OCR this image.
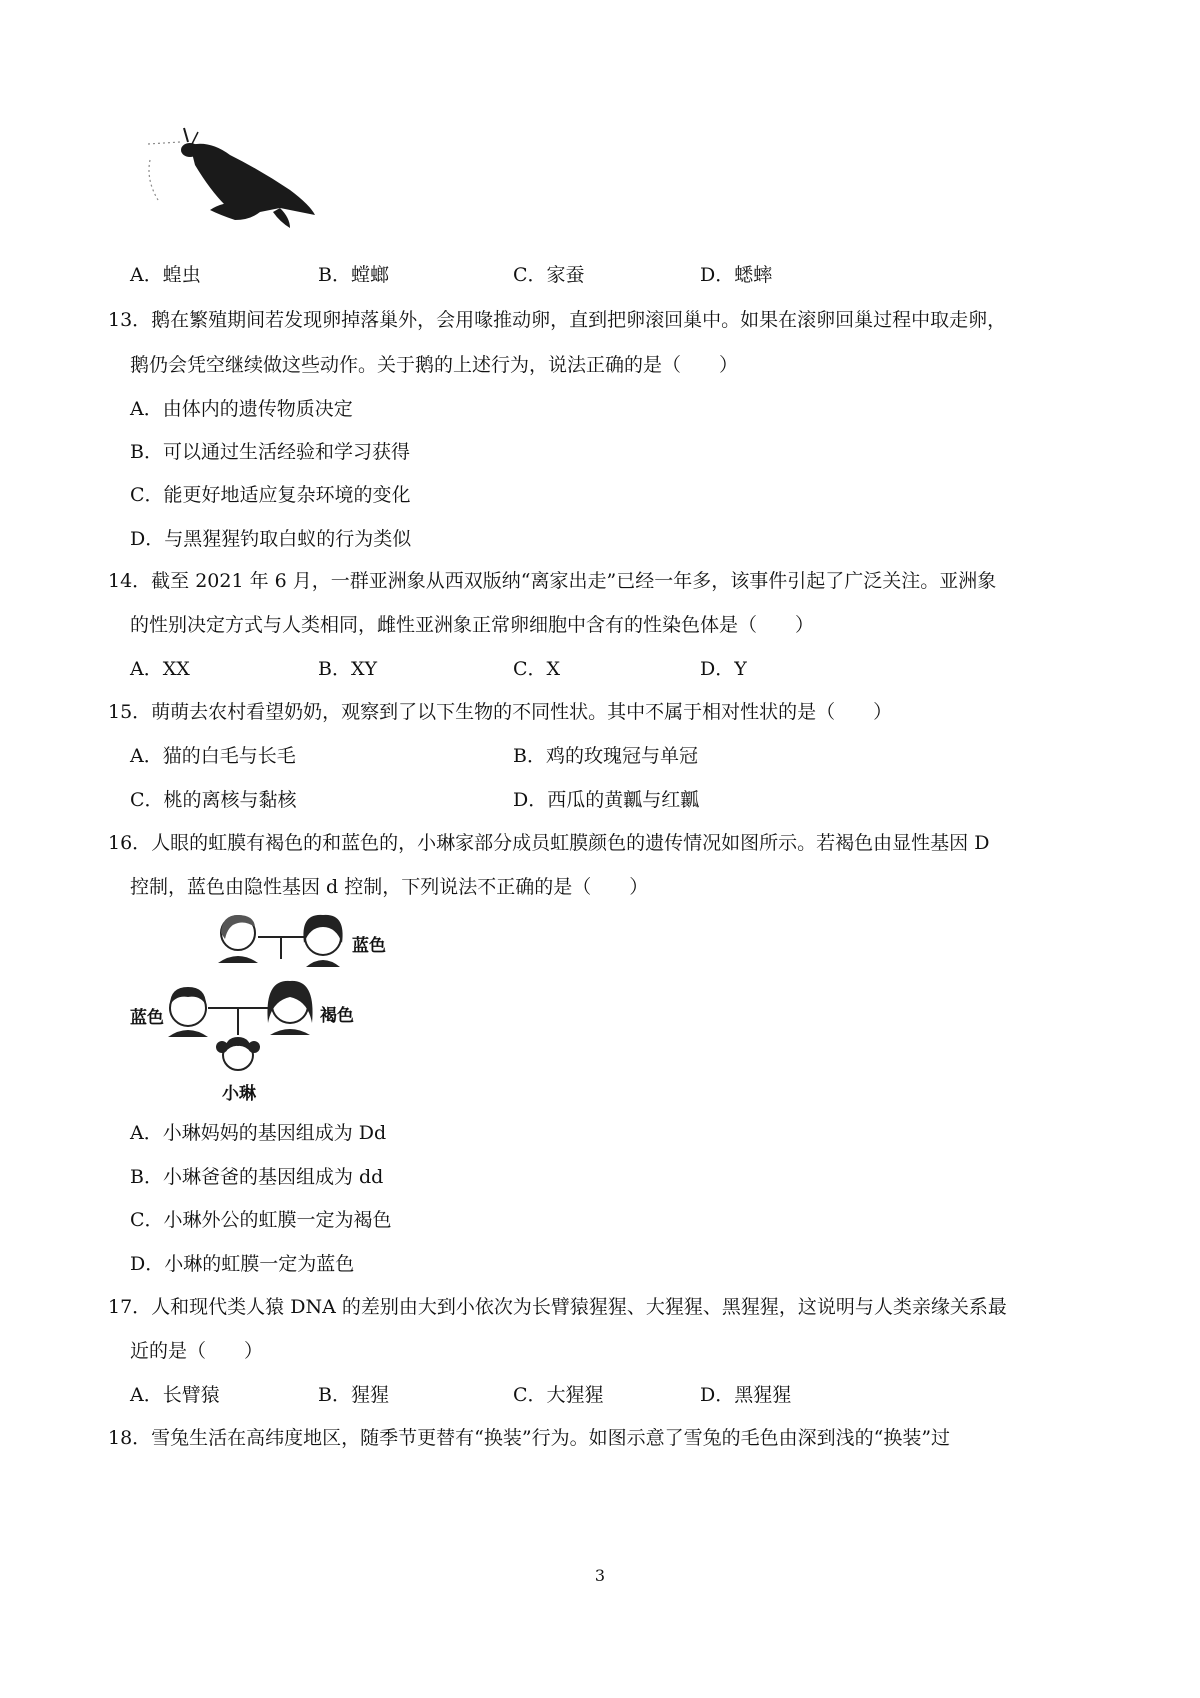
A．蝗虫	B．螳螂	C．家蚕	D．蟋蟀
13．鹅在繁殖期间若发现卵掉落巢外，会用喙推动卵，直到把卵滚回巢中。如果在滚卵回巢过程中取走卵，
鹅仍会凭空继续做这些动作。关于鹅的上述行为，说法正确的是（　　）
A．由体内的遗传物质决定
B．可以通过生活经验和学习获得
C．能更好地适应复杂环境的变化
D．与黑猩猩钓取白蚁的行为类似
14．截至 2021 年 6 月，一群亚洲象从西双版纳“离家出走”已经一年多，该事件引起了广泛关注。亚洲象
的性别决定方式与人类相同，雌性亚洲象正常卵细胞中含有的性染色体是（　　）
A．XX	B．XY	C．X	D．Y
15．萌萌去农村看望奶奶，观察到了以下生物的不同性状。其中不属于相对性状的是（　　）
A．猫的白毛与长毛	B．鸡的玫瑰冠与单冠
C．桃的离核与黏核	D．西瓜的黄瓤与红瓤
16．人眼的虹膜有褐色的和蓝色的，小琳家部分成员虹膜颜色的遗传情况如图所示。若褐色由显性基因 D
控制，蓝色由隐性基因 d 控制，下列说法不正确的是（　　）
蓝色
蓝色	褐色
小琳
A．小琳妈妈的基因组成为 Dd
B．小琳爸爸的基因组成为 dd
C．小琳外公的虹膜一定为褐色
D．小琳的虹膜一定为蓝色
17．人和现代类人猿 DNA 的差别由大到小依次为长臂猿猩猩、大猩猩、黑猩猩，这说明与人类亲缘关系最
近的是（　　）
A．长臂猿	B．猩猩	C．大猩猩	D．黑猩猩
18．雪兔生活在高纬度地区，随季节更替有“换装”行为。如图示意了雪兔的毛色由深到浅的“换装”过
3
